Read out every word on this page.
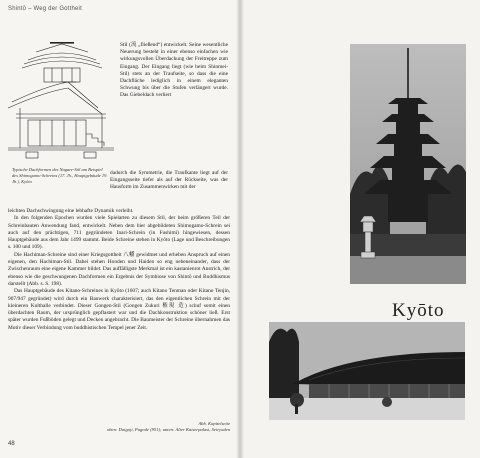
Shintō – Weg der Gottheit
Typische Dachformen des Nagare-Stil am Beispiel des Shimogamo-Schreins (17. Jh., Hauptgebäude 19. Jh.), Kyōto
Stil (流 „fließend“) entwickelt. Seine wesentliche Neuerung besteht in einer ebenso einfachen wie wirkungsvollen Überdachung der Freitreppe zum Eingang. Der Eingang liegt (wie beim Shinmei-Stil) stets an der Traufseite, so dass die eine Dachfläche lediglich in einem eleganten Schwung bis über die Stufen verlängert wurde. Das Giebeldach verliert
dadurch die Symmetrie, die Traufkante liegt auf der Eingangsseite tiefer als auf der Rückseite, was der Hausform im Zusammenwirken mit der

leichten Dachschwingung eine lebhafte Dynamik verleiht.

In den folgenden Epochen wurden viele Spielarten zu diesem Stil, der beim größeren Teil der Schreinbauten Anwendung fand, entwickelt. Neben dem hier abgebildeten Shimogamo-Schrein sei auch auf den prächtigen, 711 gegründeten Inari-Schrein (in Fushimi) hingewiesen, dessen Hauptgebäude aus dem Jahr 1499 stammt. Beide Schreine stehen in Kyōto (Lage und Beschreibungen s. 100 und 109).

Die Hachiman-Schreine sind einer Kriegsgottheit 八幡 gewidmet und erheben Anspruch auf einen eigenen, den Hachiman-Stil. Dabei stehen Honden und Haiden so eng nebeneinander, dass der Zwischenraum eine eigene Kammer bildet. Das auffälligste Merkmal ist ein kastanienrot Anstrich, der ebenso wie die geschwungenen Dachformen ein Ergebnis der Symbiose von Shintō und Buddhismus darstellt (Abb. s. S. 198).

Das Hauptgebäude des Kitano-Schreines in Kyōto (1607; auch Kitano Tenman oder Kitano Tenjin, 907/947 gegründet) wird durch ein Bauwerk charakterisiert, das den eigentlichen Schrein mit der kleineren Kulthalle verbindet. Dieser Gongen-Stil (Gongen Zukuri 権現 造) schuf somit einen überdachten Raum, der ursprünglich gepflastert war und die Dachkonstruktion schöner ließ. Erst später wurden Fußböden gelegt und Decken angebracht. Die Baumeister der Schreine übernahmen das Motiv dieser Verbindung vom buddhistischen Tempel jener Zeit.

Abb. Kapitelseite
oben: Daigoji, Pagode (951); unten: Alter Kaiserpalast, Seiryoden
48
Kyōto
